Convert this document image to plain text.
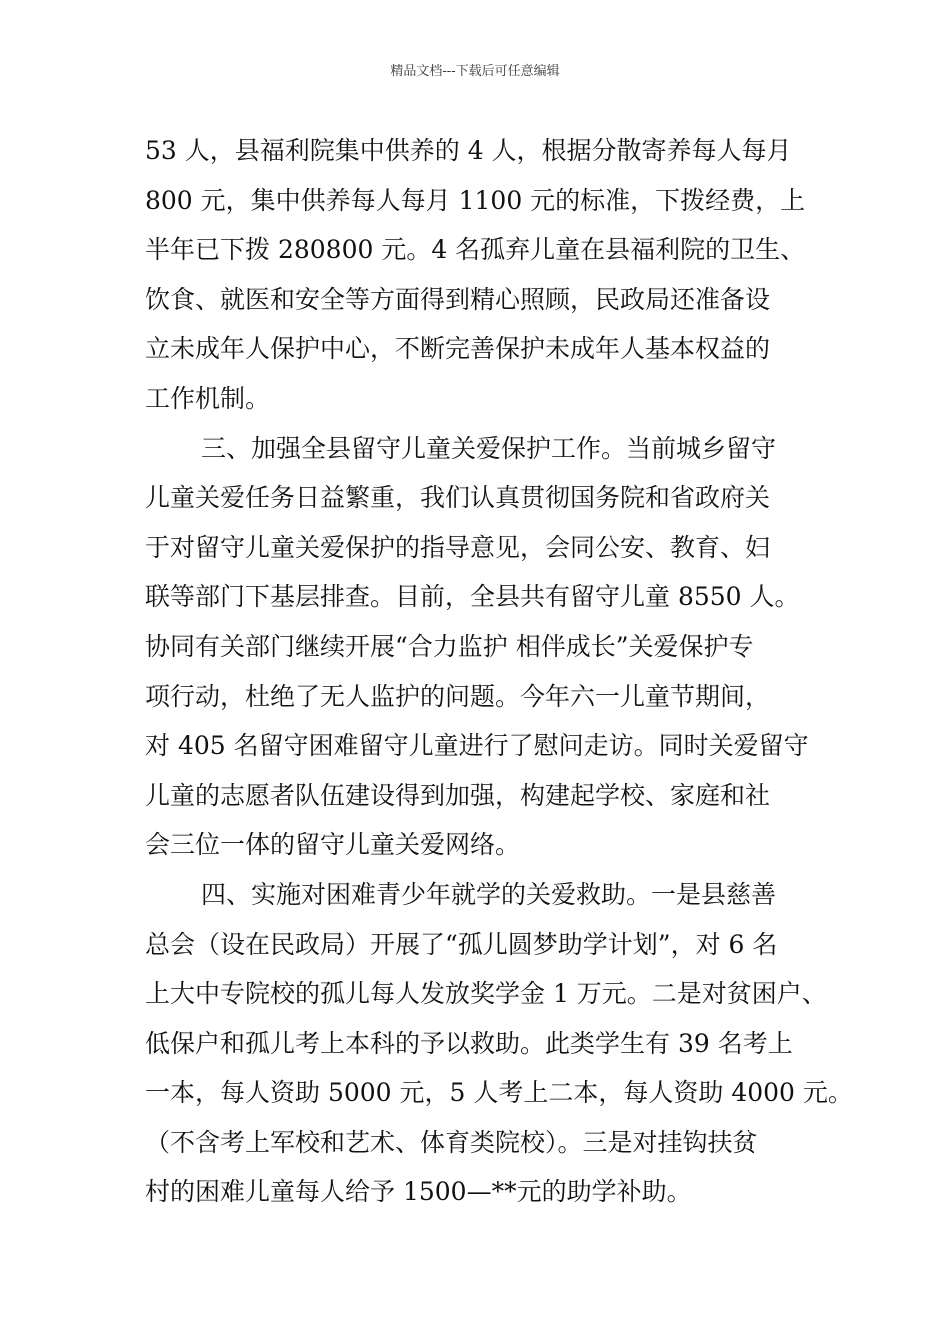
精品文档---下载后可任意编辑
53 人，县福利院集中供养的 4 人，根据分散寄养每人每月
800 元，集中供养每人每月 1100 元的标准，下拨经费，上
半年已下拨 280800 元。4 名孤弃儿童在县福利院的卫生、
饮食、就医和安全等方面得到精心照顾，民政局还准备设
立未成年人保护中心，不断完善保护未成年人基本权益的
工作机制。
三、加强全县留守儿童关爱保护工作。当前城乡留守
儿童关爱任务日益繁重，我们认真贯彻国务院和省政府关
于对留守儿童关爱保护的指导意见，会同公安、教育、妇
联等部门下基层排查。目前，全县共有留守儿童 8550 人。
协同有关部门继续开展“合力监护 相伴成长”关爱保护专
项行动，杜绝了无人监护的问题。今年六一儿童节期间，
对 405 名留守困难留守儿童进行了慰问走访。同时关爱留守
儿童的志愿者队伍建设得到加强，构建起学校、家庭和社
会三位一体的留守儿童关爱网络。
四、实施对困难青少年就学的关爱救助。一是县慈善
总会（设在民政局）开展了“孤儿圆梦助学计划”，对 6 名
上大中专院校的孤儿每人发放奖学金 1 万元。二是对贫困户、
低保户和孤儿考上本科的予以救助。此类学生有 39 名考上
一本，每人资助 5000 元，5 人考上二本，每人资助 4000 元。
（不含考上军校和艺术、体育类院校）。三是对挂钩扶贫
村的困难儿童每人给予 1500—**元的助学补助。
